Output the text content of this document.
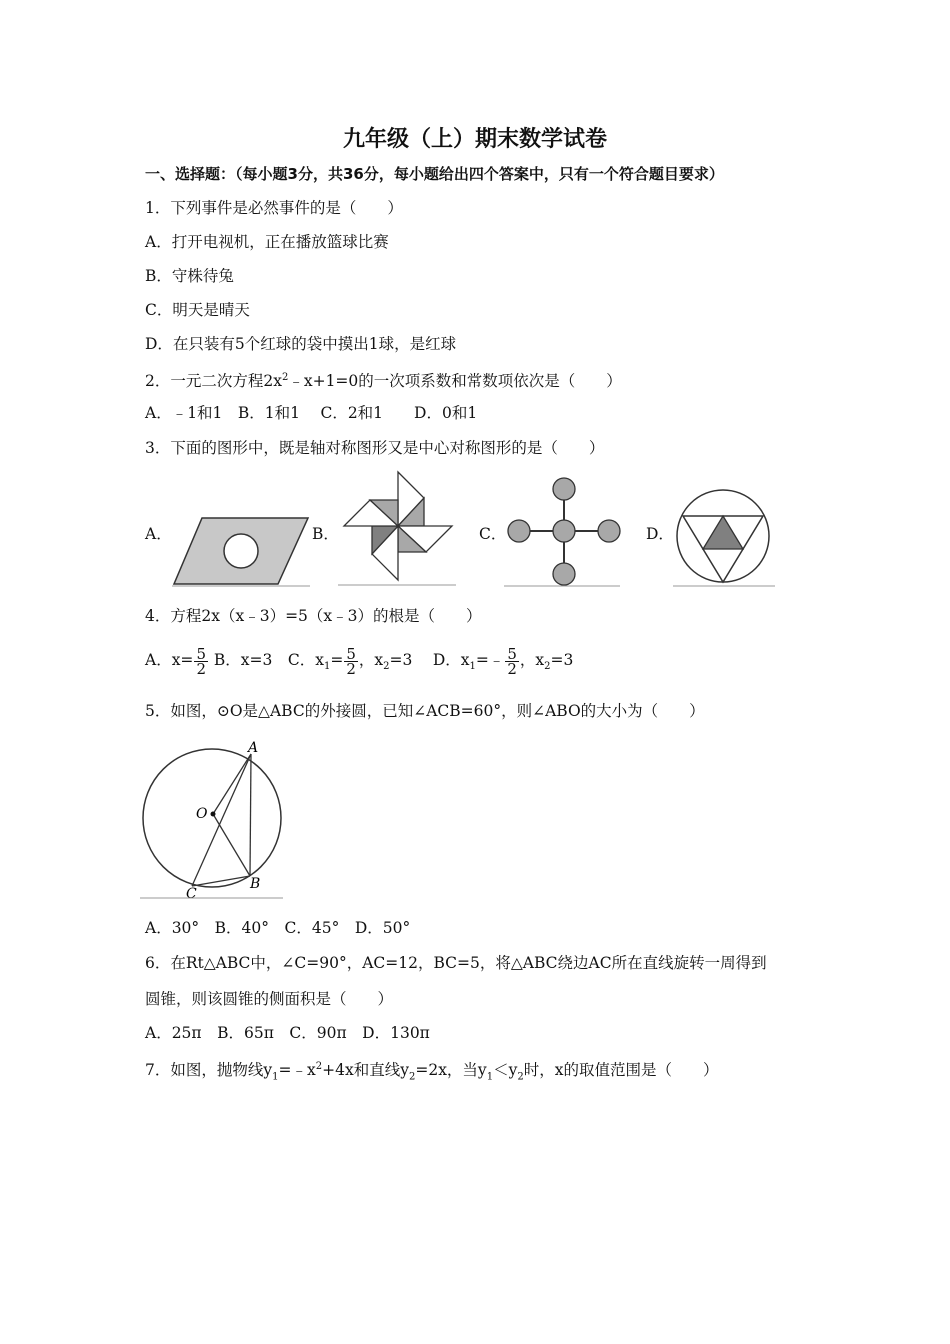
九年级（上）期末数学试卷
一、选择题：（每小题3分，共36分，每小题给出四个答案中，只有一个符合题目要求）
1．下列事件是必然事件的是（　　）
A．打开电视机，正在播放篮球比赛
B．守株待兔
C．明天是晴天
D．在只装有5个红球的袋中摸出1球，是红球
2．一元二次方程$2x^2﹣x+1=0$的一次项系数和常数项依次是（　　）
A．﹣1和1　B．1和1　 C．2和1　　D．0和1
3．下面的图形中，既是轴对称图形又是中心对称图形的是（　　）
A．	B．	C．	D．
4．方程2x（x﹣3）=5（x﹣3）的根是（　　）
A．$x= \frac{5}{2}$ B．x=3　C．$x_1= \frac{5}{2}$ ，$x_2=3$　 D．$x_1=﹣ \frac{5}{2}$ ，$x_2=3$
5．如图，⊙O是△ABC的外接圆，已知∠ACB=60°，则∠ABO的大小为（　　）
A
O
B
C
A．30°　B．40°　C．45°　D．50°
6．在Rt△ABC中，∠C=90°，AC=12，BC=5，将△ABC绕边AC所在直线旋转一周得到
圆锥，则该圆锥的侧面积是（　　）
A．25π　B．65π　C．90π　D．130π
7．如图，抛物线$y_1=﹣x^2+4x$和直线$y_2=2x$，当$y_1<y_2$时，x的取值范围是（　　）
